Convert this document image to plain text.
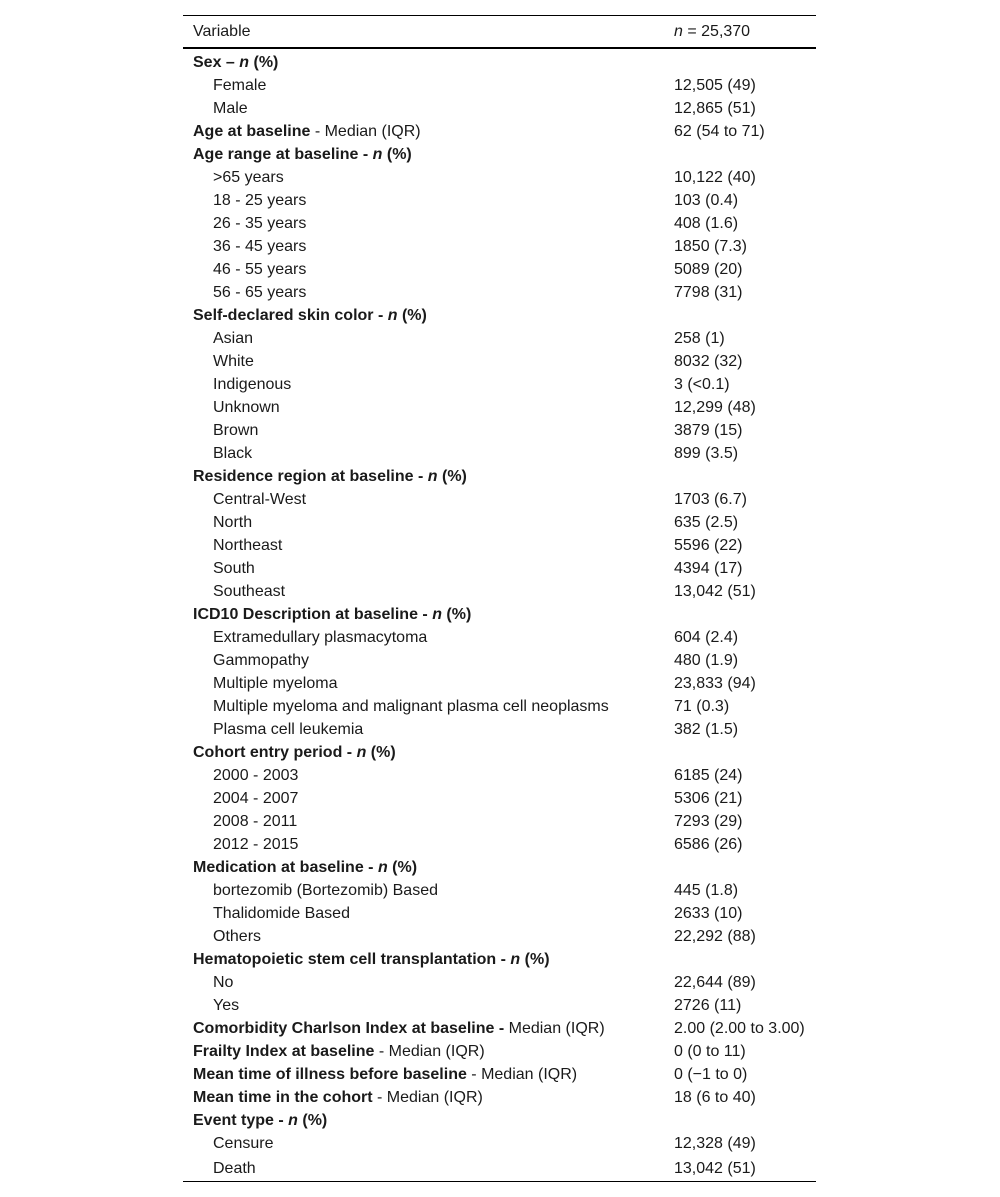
Variable	n = 25,370
Sex – n (%)	
Female	12,505 (49)
Male	12,865 (51)
Age at baseline - Median (IQR)	62 (54 to 71)
Age range at baseline - n (%)	
>65 years	10,122 (40)
18 - 25 years	103 (0.4)
26 - 35 years	408 (1.6)
36 - 45 years	1850 (7.3)
46 - 55 years	5089 (20)
56 - 65 years	7798 (31)
Self-declared skin color - n (%)	
Asian	258 (1)
White	8032 (32)
Indigenous	3 (<0.1)
Unknown	12,299 (48)
Brown	3879 (15)
Black	899 (3.5)
Residence region at baseline - n (%)	
Central-West	1703 (6.7)
North	635 (2.5)
Northeast	5596 (22)
South	4394 (17)
Southeast	13,042 (51)
ICD10 Description at baseline - n (%)	
Extramedullary plasmacytoma	604 (2.4)
Gammopathy	480 (1.9)
Multiple myeloma	23,833 (94)
Multiple myeloma and malignant plasma cell neoplasms	71 (0.3)
Plasma cell leukemia	382 (1.5)
Cohort entry period - n (%)	
2000 - 2003	6185 (24)
2004 - 2007	5306 (21)
2008 - 2011	7293 (29)
2012 - 2015	6586 (26)
Medication at baseline - n (%)	
bortezomib (Bortezomib) Based	445 (1.8)
Thalidomide Based	2633 (10)
Others	22,292 (88)
Hematopoietic stem cell transplantation - n (%)	
No	22,644 (89)
Yes	2726 (11)
Comorbidity Charlson Index at baseline - Median (IQR)	2.00 (2.00 to 3.00)
Frailty Index at baseline - Median (IQR)	0 (0 to 11)
Mean time of illness before baseline - Median (IQR)	0 (−1 to 0)
Mean time in the cohort - Median (IQR)	18 (6 to 40)
Event type - n (%)	
Censure	12,328 (49)
Death	13,042 (51)
